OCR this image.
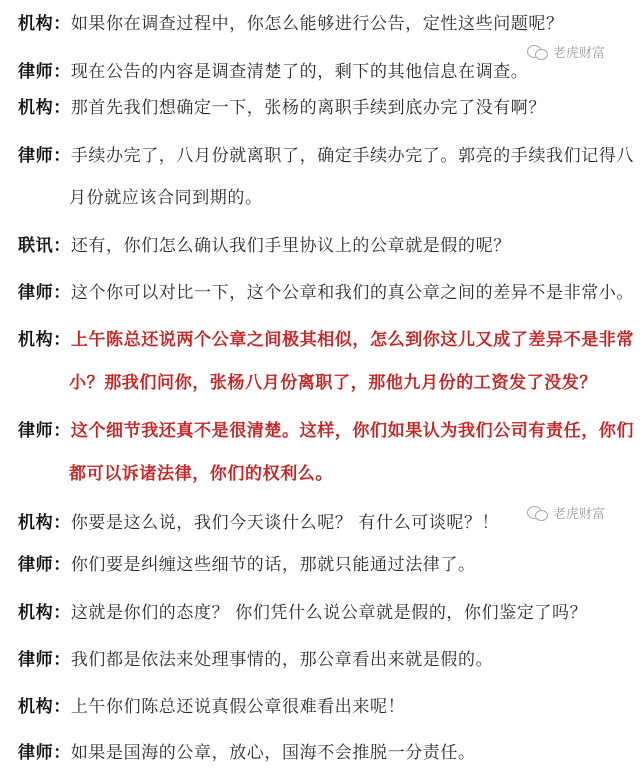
机构：如果你在调查过程中，你怎么能够进行公告，定性这些问题呢？
律师：现在公告的内容是调查清楚了的，剩下的其他信息在调查。
老虎财富
机构：那首先我们想确定一下，张杨的离职手续到底办完了没有啊？
律师：手续办完了，八月份就离职了，确定手续办完了。郭亮的手续我们记得八
月份就应该合同到期的。
联讯：还有，你们怎么确认我们手里协议上的公章就是假的呢？
律师：这个你可以对比一下，这个公章和我们的真公章之间的差异不是非常小。
机构：上午陈总还说两个公章之间极其相似，怎么到你这儿又成了差异不是非常
小？那我们问你，张杨八月份离职了，那他九月份的工资发了没发？
律师：这个细节我还真不是很清楚。这样，你们如果认为我们公司有责任，你们
都可以诉诸法律，你们的权利么。
老虎财富
机构：你要是这么说，我们今天谈什么呢？ 有什么可谈呢？！
律师：你们要是纠缠这些细节的话，那就只能通过法律了。
机构：这就是你们的态度？ 你们凭什么说公章就是假的，你们鉴定了吗？
律师：我们都是依法来处理事情的，那公章看出来就是假的。
机构：上午你们陈总还说真假公章很难看出来呢！
律师：如果是国海的公章，放心，国海不会推脱一分责任。
